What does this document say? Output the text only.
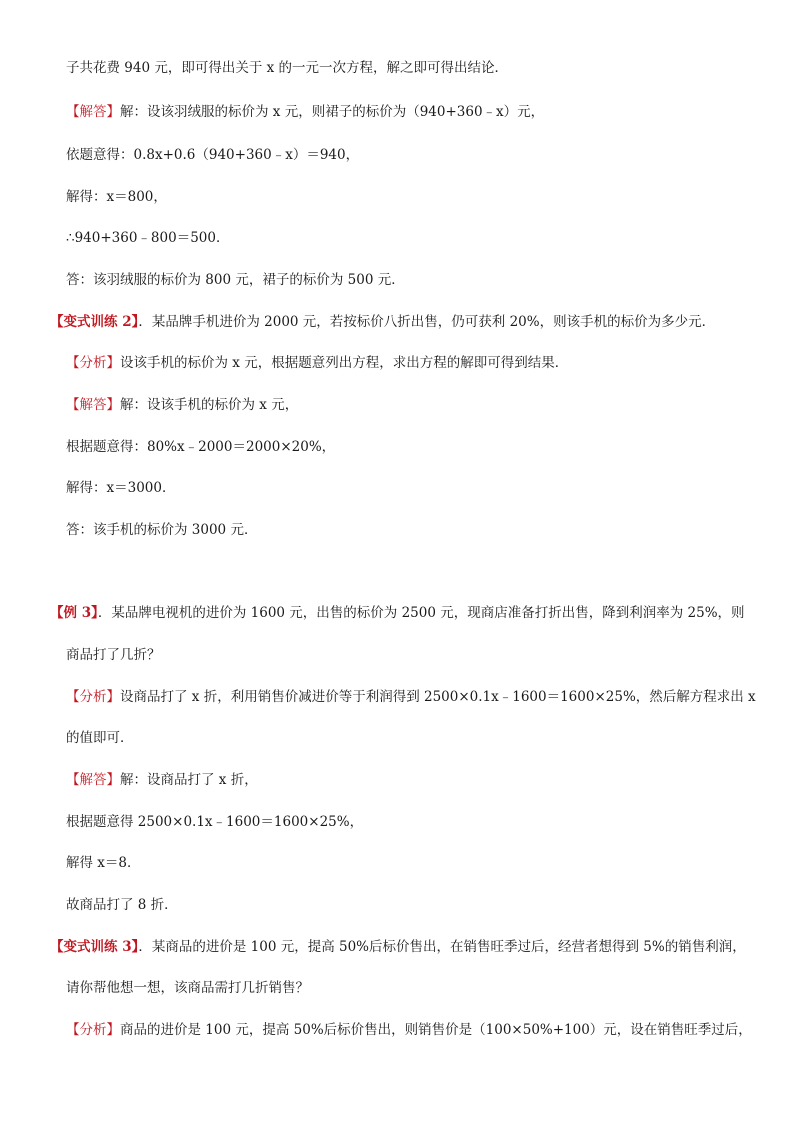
子共花费 940 元，即可得出关于 x 的一元一次方程，解之即可得出结论．
【解答】解：设该羽绒服的标价为 x 元，则裙子的标价为（940+360﹣x）元，
依题意得：0.8x+0.6（940+360﹣x）＝940，
解得：x＝800，
∴940+360﹣800＝500．
答：该羽绒服的标价为 800 元，裙子的标价为 500 元．
【变式训练 2】．某品牌手机进价为 2000 元，若按标价八折出售，仍可获利 20%，则该手机的标价为多少元．
【分析】设该手机的标价为 x 元，根据题意列出方程，求出方程的解即可得到结果．
【解答】解：设该手机的标价为 x 元，
根据题意得：80%x﹣2000＝2000×20%，
解得：x＝3000．
答：该手机的标价为 3000 元．
【例 3】．某品牌电视机的进价为 1600 元，出售的标价为 2500 元，现商店准备打折出售，降到利润率为 25%，则
商品打了几折？
【分析】设商品打了 x 折，利用销售价减进价等于利润得到 2500×0.1x﹣1600＝1600×25%，然后解方程求出 x
的值即可．
【解答】解：设商品打了 x 折，
根据题意得 2500×0.1x﹣1600＝1600×25%，
解得 x＝8．
故商品打了 8 折．
【变式训练 3】．某商品的进价是 100 元，提高 50%后标价售出，在销售旺季过后，经营者想得到 5%的销售利润，
请你帮他想一想，该商品需打几折销售？
【分析】商品的进价是 100 元，提高 50%后标价售出，则销售价是（100×50%+100）元，设在销售旺季过后，
